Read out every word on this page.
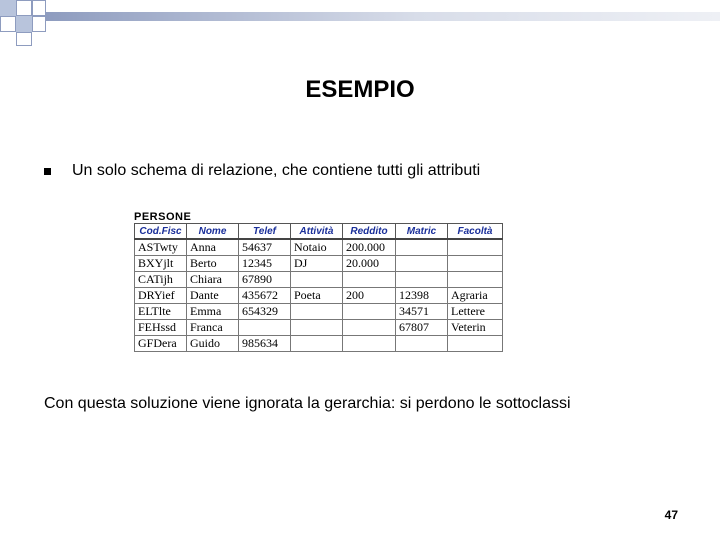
ESEMPIO
Un solo schema di relazione, che contiene tutti gli attributi
PERSONE
Cod.Fisc	Nome	Telef	Attività	Reddito	Matric	Facoltà
ASTwty	Anna	54637	Notaio	200.000		
BXYjlt	Berto	12345	DJ	20.000		
CATijh	Chiara	67890				
DRYief	Dante	435672	Poeta	200	12398	Agraria
ELTlte	Emma	654329			34571	Lettere
FEHssd	Franca				67807	Veterin
GFDera	Guido	985634				
Con questa soluzione viene ignorata la gerarchia: si perdono le sottoclassi
47
